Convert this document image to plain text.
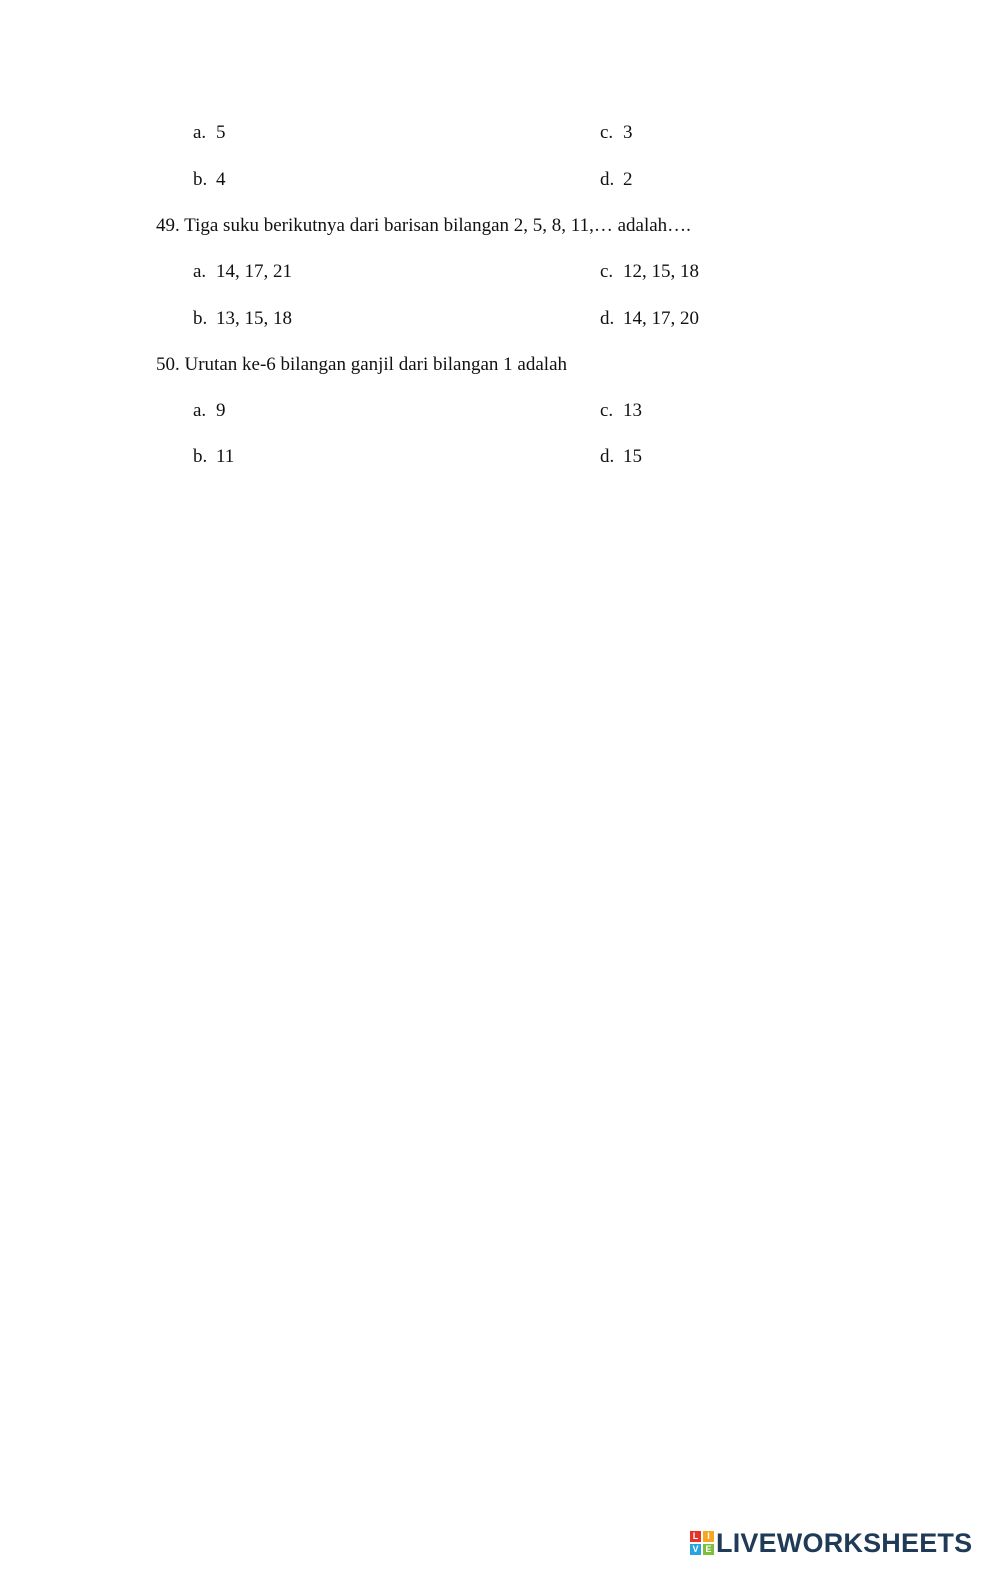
a. 5	c. 3
b. 4	d. 2
49. Tiga suku berikutnya dari barisan bilangan 2, 5, 8, 11,… adalah….
a. 14, 17, 21	c. 12, 15, 18
b. 13, 15, 18	d. 14, 17, 20
50. Urutan ke-6 bilangan ganjil dari bilangan 1 adalah
a. 9	c. 13
b. 11	d. 15
L I
V E LIVEWORKSHEETS
